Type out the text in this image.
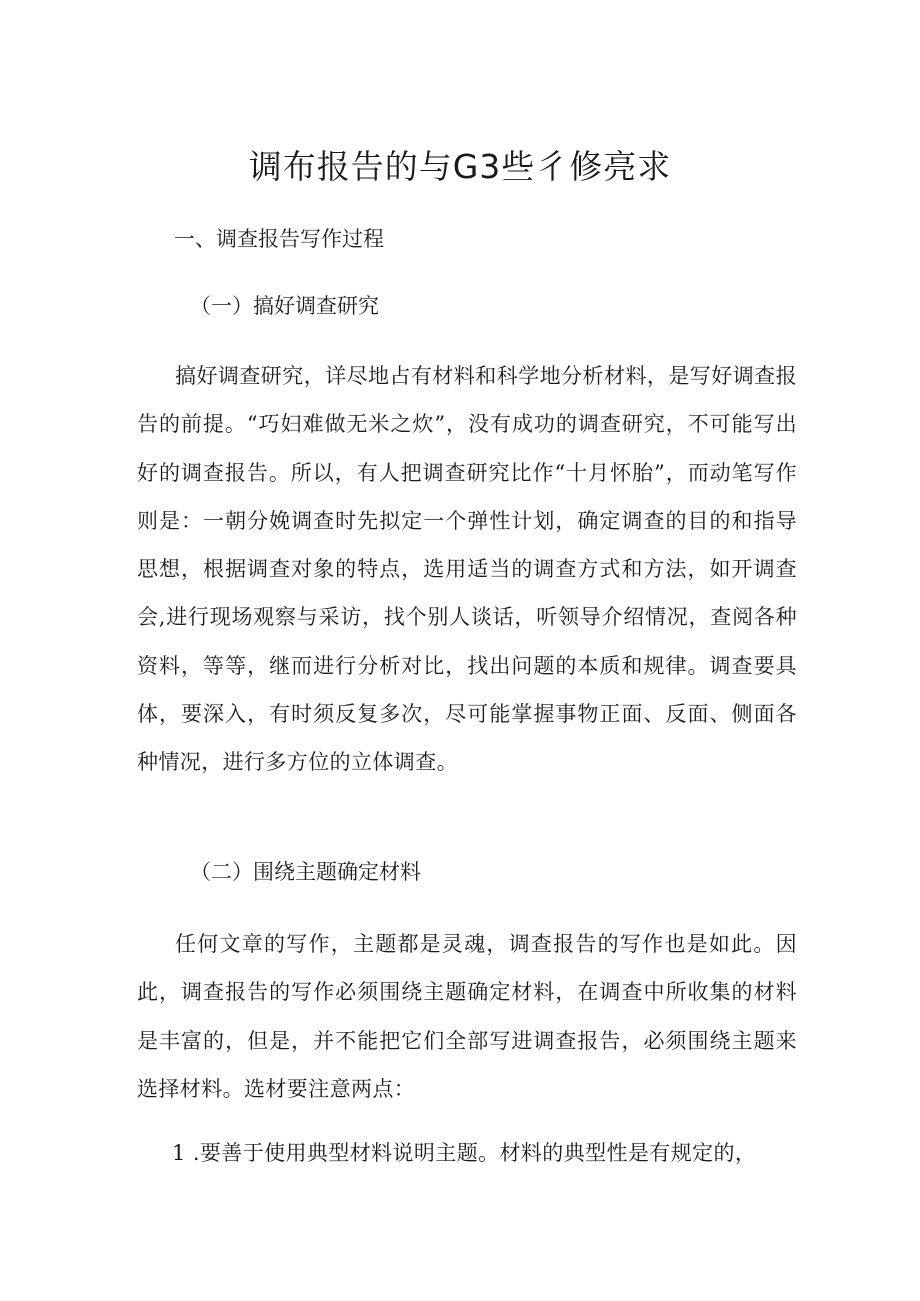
调布报告的与G3些彳修亮求
一、调查报告写作过程
（一）搞好调查研究

搞好调查研究，详尽地占有材料和科学地分析材料，是写好调查报告的前提。“巧妇难做无米之炊”，没有成功的调查研究，不可能写出好的调查报告。所以，有人把调查研究比作“十月怀胎”，而动笔写作则是：一朝分娩调查时先拟定一个弹性计划，确定调查的目的和指导思想，根据调查对象的特点，选用适当的调查方式和方法，如开调查会,进行现场观察与采访，找个别人谈话，听领导介绍情况，查阅各种资料，等等，继而进行分析对比，找出问题的本质和规律。调查要具体，要深入，有时须反复多次，尽可能掌握事物正面、反面、侧面各种情况，进行多方位的立体调查。

（二）围绕主题确定材料

任何文章的写作，主题都是灵魂，调查报告的写作也是如此。因此，调查报告的写作必须围绕主题确定材料，在调查中所收集的材料是丰富的，但是，并不能把它们全部写进调查报告，必须围绕主题来选择材料。选材要注意两点：

1 .要善于使用典型材料说明主题。材料的典型性是有规定的，
